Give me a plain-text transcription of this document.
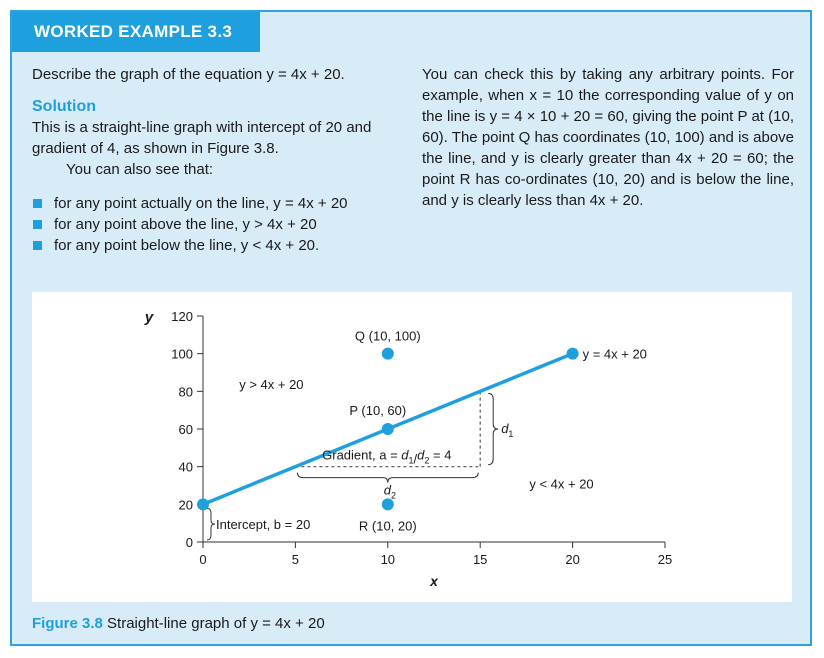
WORKED EXAMPLE 3.3

Describe the graph of the equation y = 4x + 20.

Solution

This is a straight-line graph with intercept of 20 and gradient of 4, as shown in Figure 3.8.

You can also see that:

for any point actually on the line, y = 4x + 20
for any point above the line, y > 4x + 20
for any point below the line, y < 4x + 20.

You can check this by taking any arbitrary points. For example, when x = 10 the corresponding value of y on the line is y = 4 × 10 + 20 = 60, giving the point P at (10, 60). The point Q has coordinates (10, 100) and is above the line, and y is clearly greater than 4x + 20 = 60; the point R has co-ordinates (10, 20) and is below the line, and y is clearly less than 4x + 20.

0	5	10	15	20	25
0
20
40
60
80
100
120
x
y
$d_1$
$d_2$
Gradient, $a = d_1/d_2 = 4$
Intercept, b = 20
Q (10, 100)
P (10, 60)
R (10, 20)
y = 4x + 20
y > 4x + 20
y < 4x + 20
Figure 3.8 Straight-line graph of y = 4x + 20
